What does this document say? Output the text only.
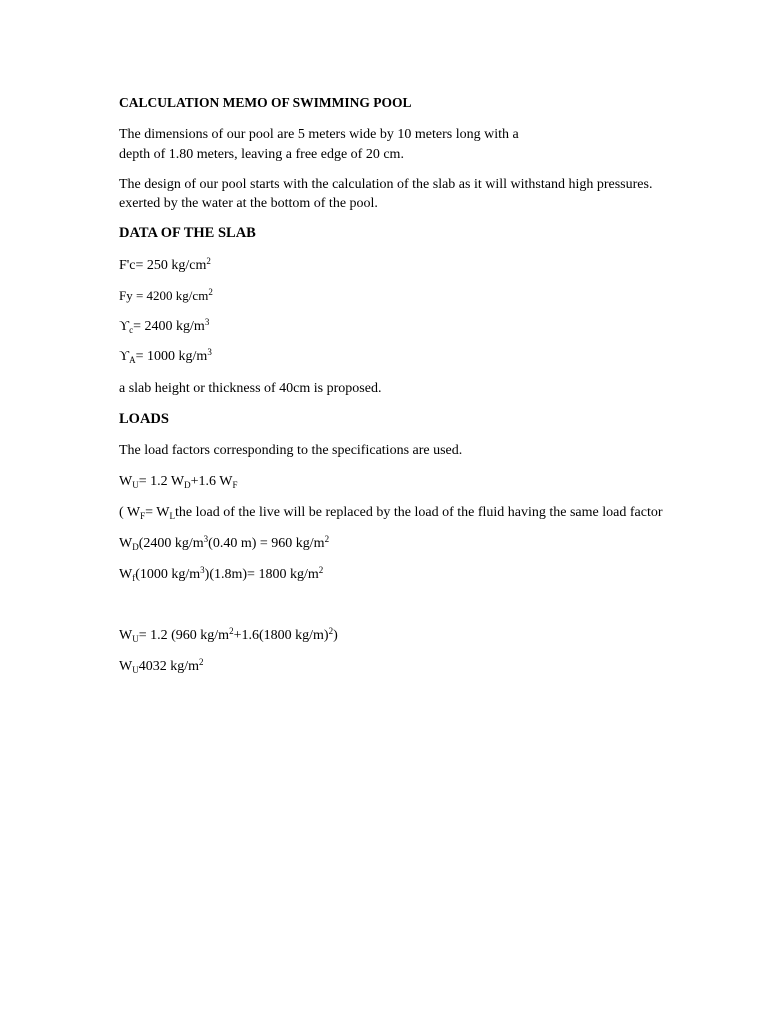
CALCULATION MEMO OF SWIMMING POOL

The dimensions of our pool are 5 meters wide by 10 meters long with a

depth of 1.80 meters, leaving a free edge of 20 cm.

The design of our pool starts with the calculation of the slab as it will withstand high pressures.

exerted by the water at the bottom of the pool.

DATA OF THE SLAB

F'c= 250 $kg/cm^2$

Fy = 4200 $kg/cm^2$

$ϒ_c= 2400$ $kg/m^3$

$ϒ_A= 1000$ $kg/m^3$

a slab height or thickness of 40cm is proposed.

LOADS

The load factors corresponding to the specifications are used.

$W_U= 1.2$ $W_D+1.6$ $W_F$

( $W_F= W_Lthe$ load of the live will be replaced by the load of the fluid having the same load factor

$W_D(2400$ $kg/m^3(0.40$ m) = 960 $kg/m^2$

$W_f(1000$ $kg/m^3)(1.8m)= 1800$ $kg/m^2$

$W_U= 1.2$ (960 $kg/m^2+1.6(1800$ kg/m)$^2$)

$W_U4032$ $kg/m^2$
